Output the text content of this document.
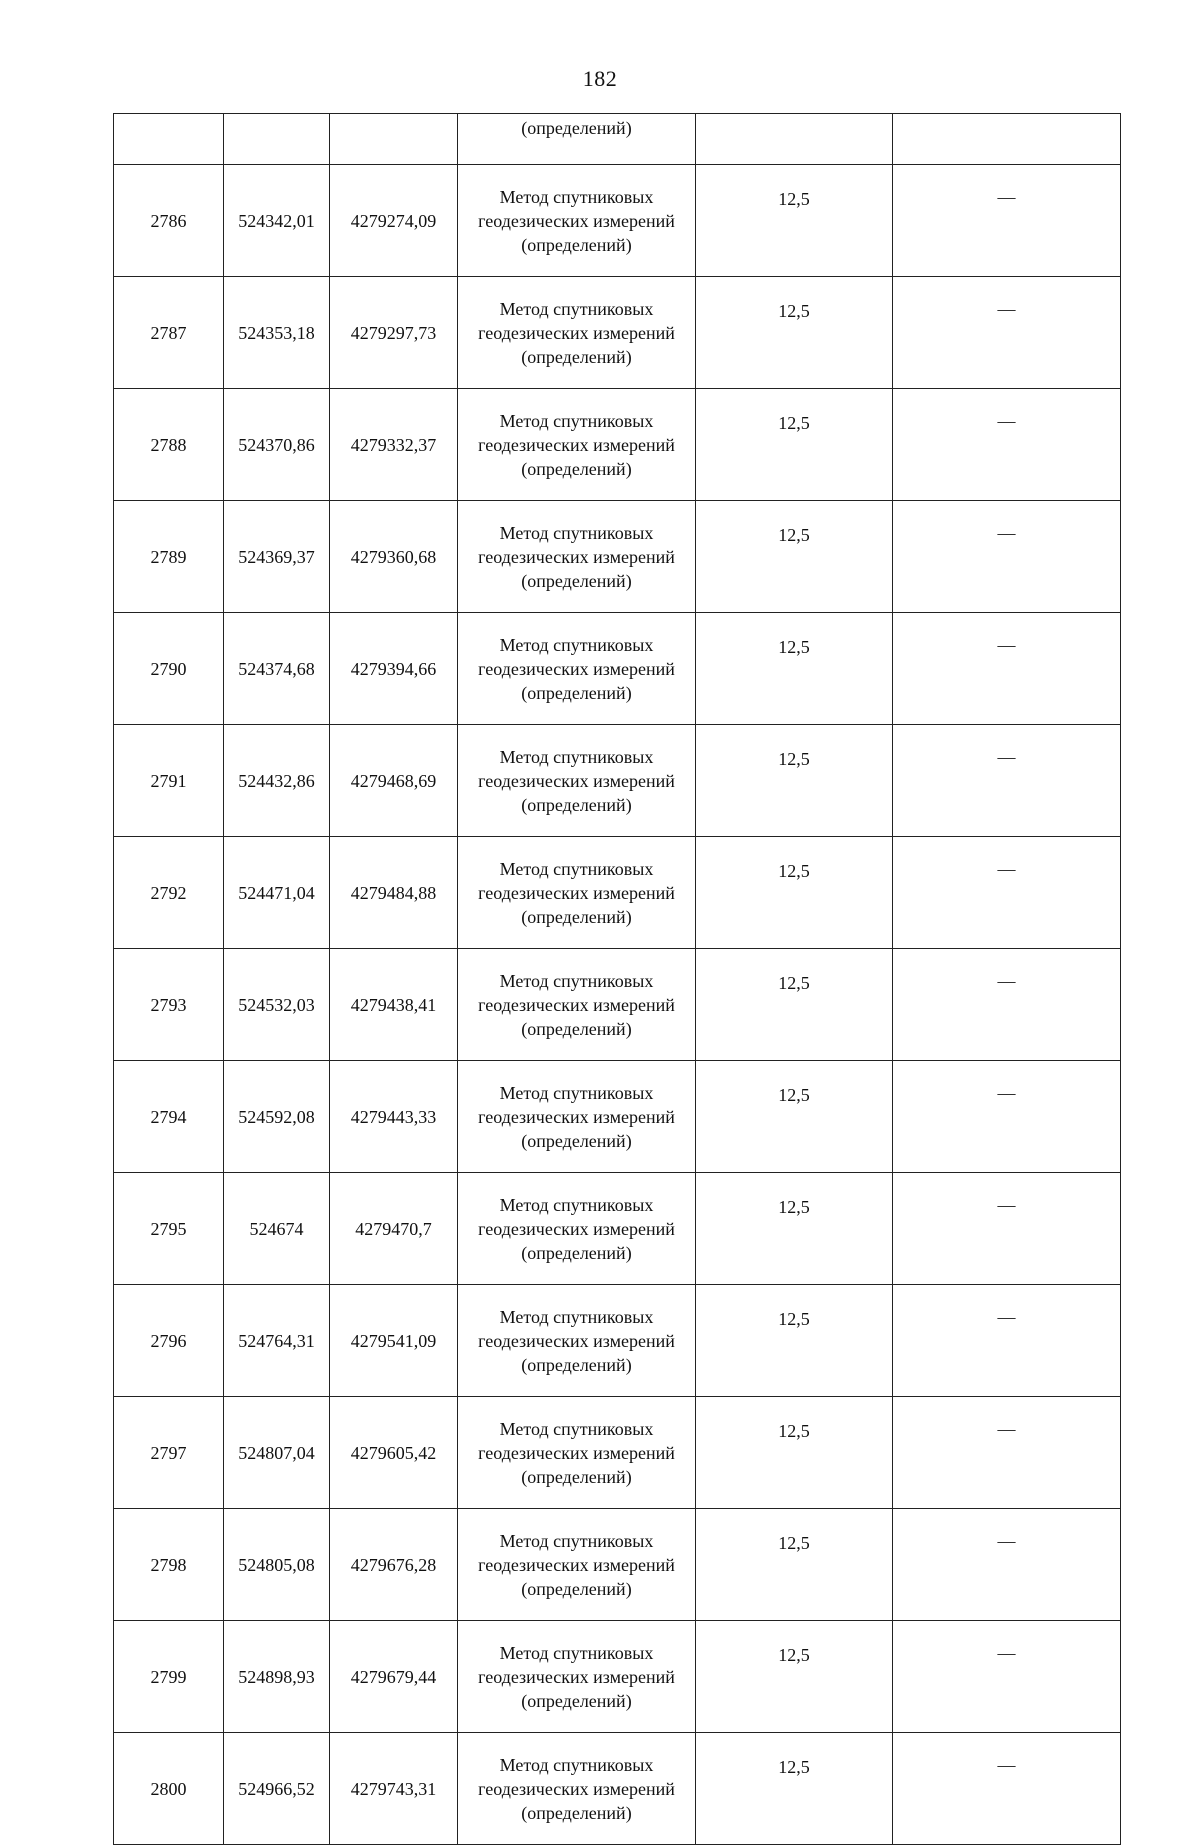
182
			(определений)		
2786	524342,01	4279274,09	Метод спутниковых
геодезических измерений
(определений)	12,5	—
2787	524353,18	4279297,73	Метод спутниковых
геодезических измерений
(определений)	12,5	—
2788	524370,86	4279332,37	Метод спутниковых
геодезических измерений
(определений)	12,5	—
2789	524369,37	4279360,68	Метод спутниковых
геодезических измерений
(определений)	12,5	—
2790	524374,68	4279394,66	Метод спутниковых
геодезических измерений
(определений)	12,5	—
2791	524432,86	4279468,69	Метод спутниковых
геодезических измерений
(определений)	12,5	—
2792	524471,04	4279484,88	Метод спутниковых
геодезических измерений
(определений)	12,5	—
2793	524532,03	4279438,41	Метод спутниковых
геодезических измерений
(определений)	12,5	—
2794	524592,08	4279443,33	Метод спутниковых
геодезических измерений
(определений)	12,5	—
2795	524674	4279470,7	Метод спутниковых
геодезических измерений
(определений)	12,5	—
2796	524764,31	4279541,09	Метод спутниковых
геодезических измерений
(определений)	12,5	—
2797	524807,04	4279605,42	Метод спутниковых
геодезических измерений
(определений)	12,5	—
2798	524805,08	4279676,28	Метод спутниковых
геодезических измерений
(определений)	12,5	—
2799	524898,93	4279679,44	Метод спутниковых
геодезических измерений
(определений)	12,5	—
2800	524966,52	4279743,31	Метод спутниковых
геодезических измерений
(определений)	12,5	—
